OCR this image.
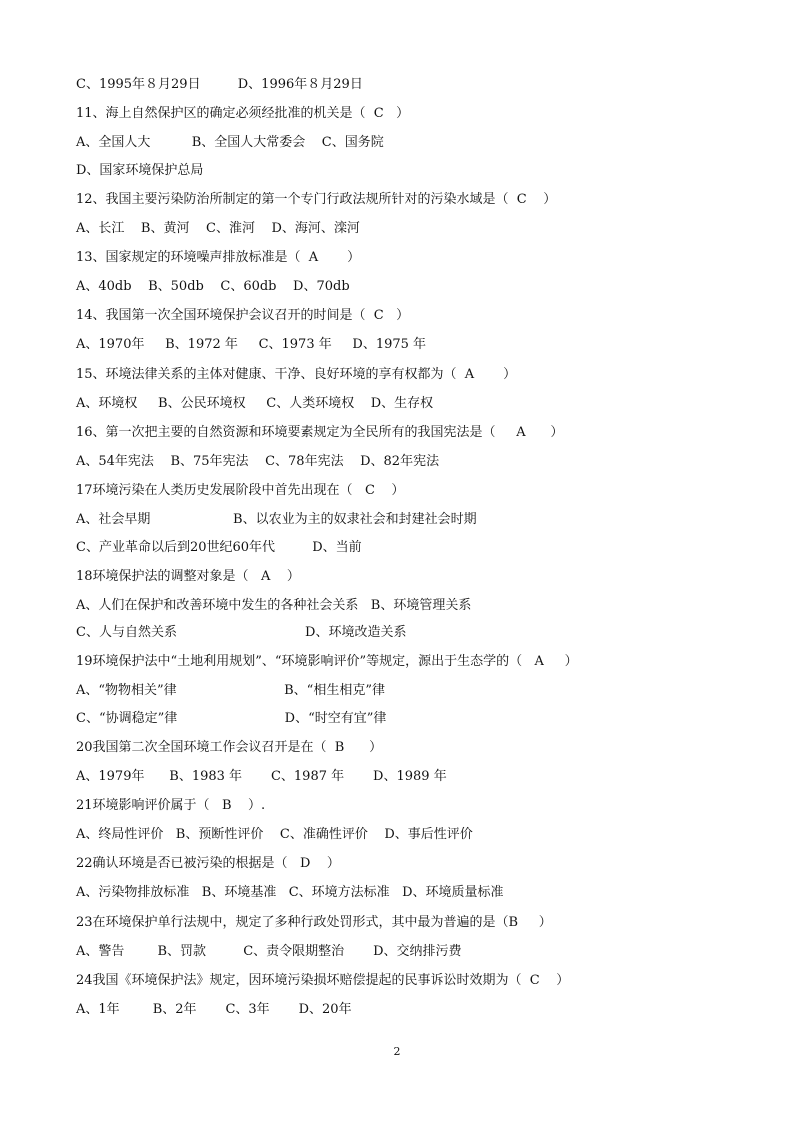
C、1995年８月29日         D、1996年８月29日
11、海上自然保护区的确定必须经批准的机关是（  C   ）
A、全国人大          B、全国人大常委会    C、国务院
D、国家环境保护总局
12、我国主要污染防治所制定的第一个专门行政法规所针对的污染水域是（  C    ）
A、长江    B、黄河    C、淮河    D、海河、滦河
13、国家规定的环境噪声排放标准是（  A       ）
A、40db    B、50db    C、60db    D、70db
14、我国第一次全国环境保护会议召开的时间是（  C   ）
A、1970年     B、1972 年     C、1973 年     D、1975 年
15、环境法律关系的主体对健康、干净、良好环境的享有权都为（  A       ）
A、环境权     B、公民环境权     C、人类环境权    D、生存权
16、第一次把主要的自然资源和环境要素规定为全民所有的我国宪法是（     A      ）
A、54年宪法    B、75年宪法    C、78年宪法    D、82年宪法
17环境污染在人类历史发展阶段中首先出现在（   C    ）
A、社会早期                    B、以农业为主的奴隶社会和封建社会时期
C、产业革命以后到20世纪60年代         D、当前
18环境保护法的调整对象是（   A    ）
A、人们在保护和改善环境中发生的各种社会关系   B、环境管理关系
C、人与自然关系                               D、环境改造关系
19环境保护法中“土地利用规划”、“环境影响评价”等规定，源出于生态学的（   A     ）
A、“物物相关”律                          B、“相生相克”律
C、“协调稳定”律                          D、“时空有宜”律
20我国第二次全国环境工作会议召开是在（  B      ）
A、1979年      B、1983 年       C、1987 年       D、1989 年
21环境影响评价属于（   B    ）.
A、终局性评价   B、预断性评价    C、准确性评价    D、事后性评价
22确认环境是否已被污染的根据是（   D    ）
A、污染物排放标准   B、环境基准   C、环境方法标准   D、环境质量标准
23在环境保护单行法规中，规定了多种行政处罚形式，其中最为普遍的是（B     ）
A、警告        B、罚款         C、责令限期整治       D、交纳排污费
24我国《环境保护法》规定，因环境污染损坏赔偿提起的民事诉讼时效期为（  C    ）
A、1年        B、2年       C、3年       D、20年
2
